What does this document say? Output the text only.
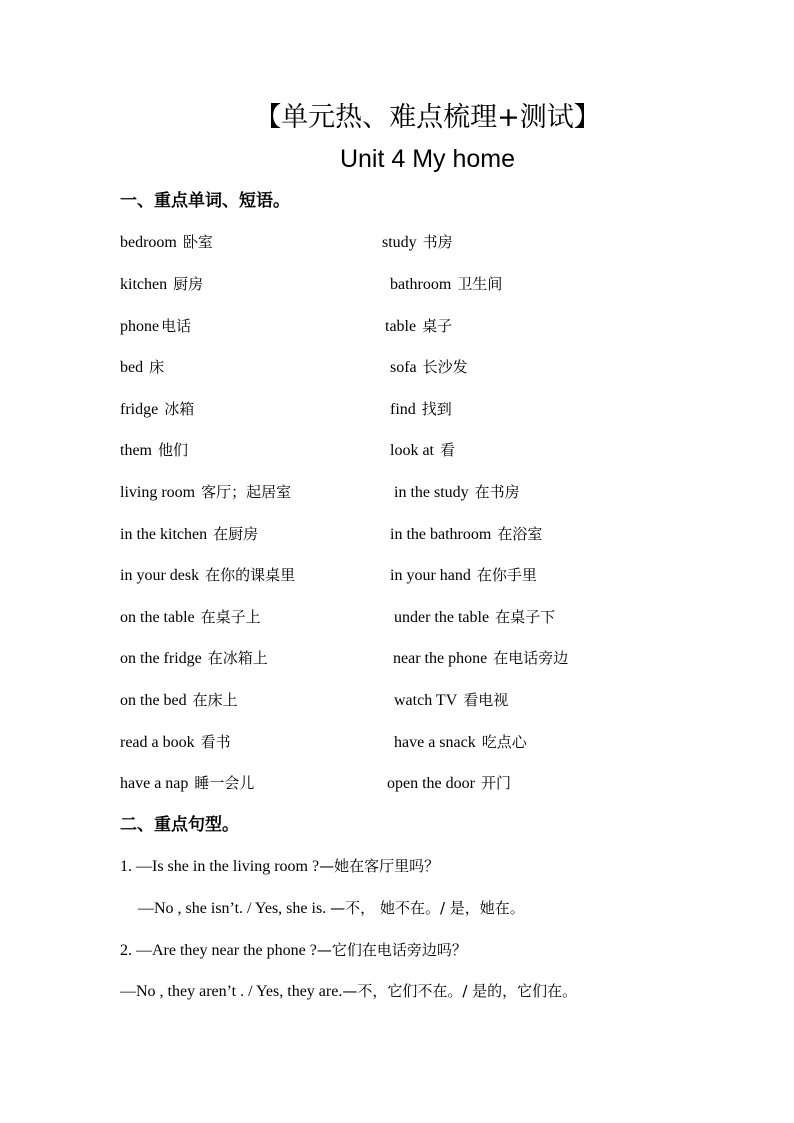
【单元热、难点梳理+测试】
Unit 4 My home
一、重点单词、短语。
bedroom 卧室	study 书房
kitchen 厨房	bathroom 卫生间
phone 电话	table 桌子
bed 床	sofa 长沙发
fridge 冰箱	find 找到
them 他们	look at 看
living room 客厅；起居室	in the study 在书房
in the kitchen 在厨房	in the bathroom 在浴室
in your desk 在你的课桌里	in your hand 在你手里
on the table 在桌子上	under the table 在桌子下
on the fridge 在冰箱上	near the phone 在电话旁边
on the bed 在床上	watch TV 看电视
read a book 看书	have a snack 吃点心
have a nap 睡一会儿	open the door 开门
二、重点句型。
1. —Is she in the living room ?—她在客厅里吗？
—No , she isn’t. / Yes, she is. —不， 她不在。/ 是，她在。
2. —Are they near the phone ?—它们在电话旁边吗？
—No , they aren’t . / Yes, they are.—不，它们不在。/ 是的，它们在。
